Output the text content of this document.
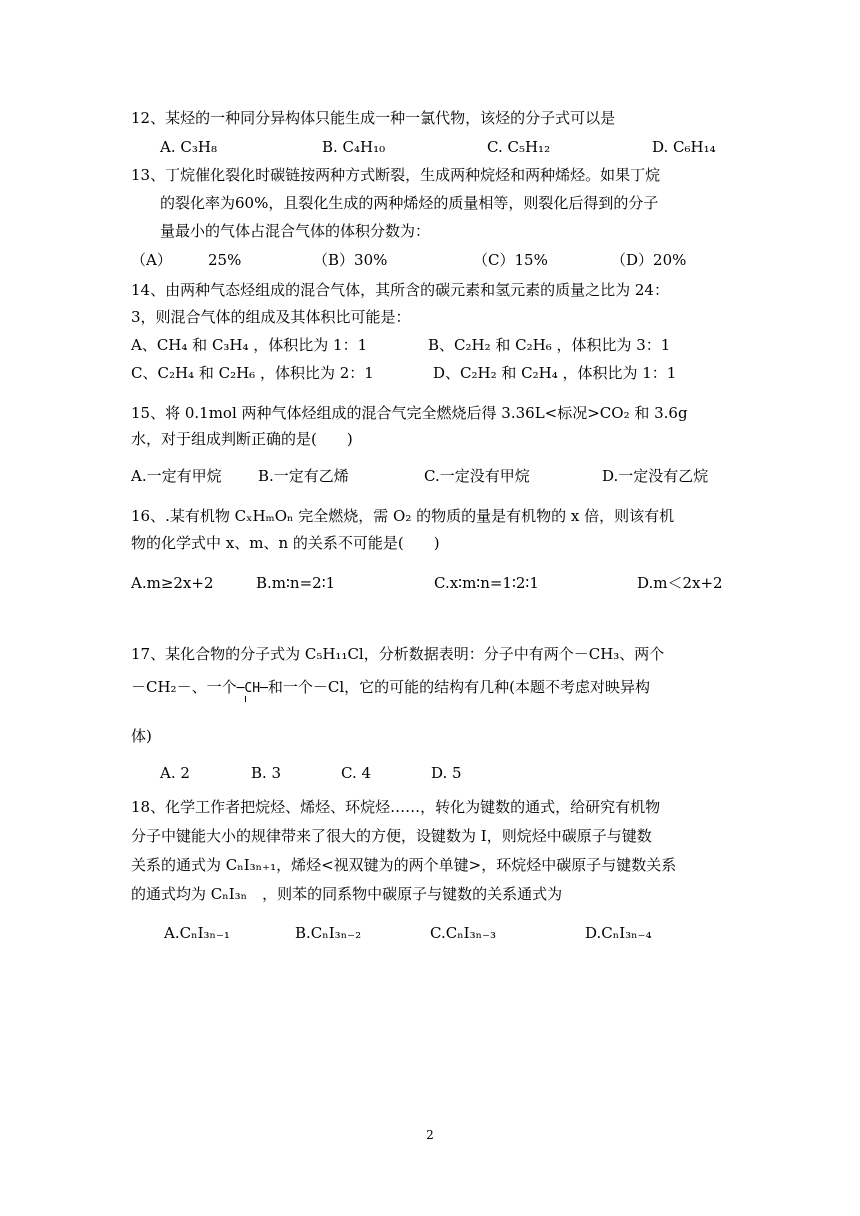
12、某烃的一种同分异构体只能生成一种一氯代物，该烃的分子式可以是
A. C₃H₈	B. C₄H₁₀	C. C₅H₁₂	D. C₆H₁₄
13、丁烷催化裂化时碳链按两种方式断裂，生成两种烷烃和两种烯烃。如果丁烷
的裂化率为60%，且裂化生成的两种烯烃的质量相等，则裂化后得到的分子
量最小的气体占混合气体的体积分数为：
（A） 25%	（B）30%	（C）15%	（D）20%
14、由两种气态烃组成的混合气体，其所含的碳元素和氢元素的质量之比为 24：
3，则混合气体的组成及其体积比可能是：
A、CH₄ 和 C₃H₄ ，体积比为 1：1	B、C₂H₂ 和 C₂H₆ ，体积比为 3：1
C、C₂H₄ 和 C₂H₆ ，体积比为 2：1	D、C₂H₂ 和 C₂H₄ ，体积比为 1：1
15、将 0.1mol 两种气体烃组成的混合气完全燃烧后得 3.36L<标况>CO₂ 和 3.6g
水，对于组成判断正确的是(　　)
A.一定有甲烷 B.一定有乙烯	C.一定没有甲烷	D.一定没有乙烷
16、.某有机物 CₓHₘOₙ 完全燃烧，需 O₂ 的物质的量是有机物的 x 倍，则该有机
物的化学式中 x、m、n 的关系不可能是(　　)
A.m≥2x+2	B.m∶n=2∶1	C.x∶m∶n=1∶2∶1	D.m＜2x+2
17、某化合物的分子式为 C₅H₁₁Cl，分析数据表明：分子中有两个－CH₃、两个
－CH₂－、一个─CH─
和一个－Cl，它的可能的结构有几种(本题不考虑对映异构
体)
A. 2	B. 3	C. 4	D. 5
18、化学工作者把烷烃、烯烃、环烷烃……，转化为键数的通式，给研究有机物
分子中键能大小的规律带来了很大的方便，设键数为 I，则烷烃中碳原子与键数
关系的通式为 CₙI₃ₙ₊₁，烯烃<视双键为的两个单键>，环烷烃中碳原子与键数关系
的通式均为 CₙI₃ₙ　，则苯的同系物中碳原子与键数的关系通式为
A.CₙI₃ₙ₋₁	B.CₙI₃ₙ₋₂	C.CₙI₃ₙ₋₃	D.CₙI₃ₙ₋₄
2
